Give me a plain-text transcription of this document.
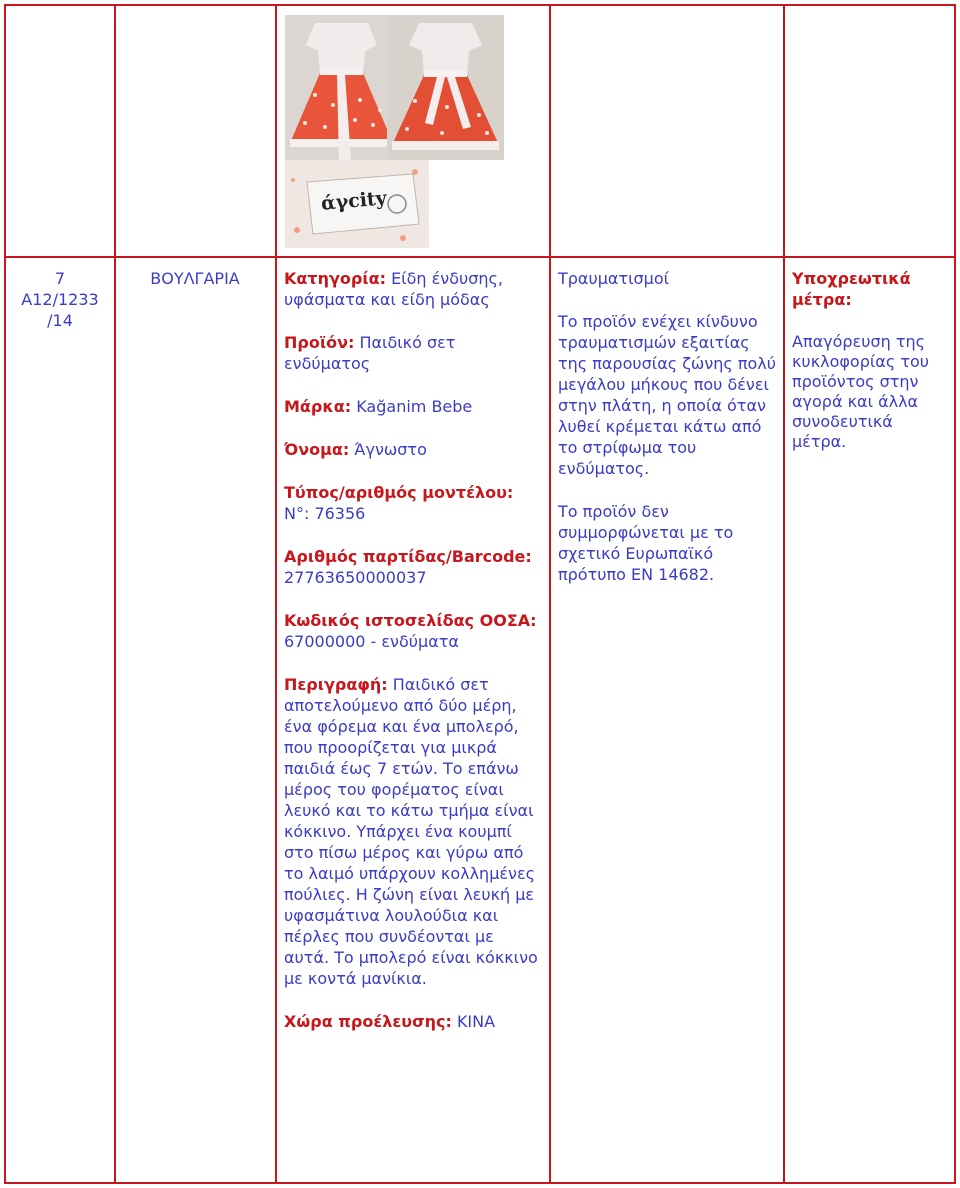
άγcity
7
A12/1233
/14
ΒΟΥΛΓΑΡΙΑ	Κατηγορία: Είδη ένδυσης, υφάσματα και είδη μόδας
Προϊόν: Παιδικό σετ ενδύματος
Μάρκα: Kağanim Bebe
Όνομα: Άγνωστο
Τύπος/αριθμός μοντέλου: N°: 76356
Αριθμός παρτίδας/Barcode: 27763650000037
Κωδικός ιστοσελίδας ΟΟΣΑ: 67000000 - ενδύματα
Περιγραφή: Παιδικό σετ αποτελούμενο από δύο μέρη, ένα φόρεμα και ένα μπολερό, που προορίζεται για μικρά παιδιά έως 7 ετών. Το επάνω μέρος του φορέματος είναι λευκό και το κάτω τμήμα είναι κόκκινο. Υπάρχει ένα κουμπί στο πίσω μέρος και γύρω από το λαιμό υπάρχουν κολλημένες πούλιες. Η ζώνη είναι λευκή με υφασμάτινα λουλούδια και πέρλες που συνδέονται με αυτά. Το μπολερό είναι κόκκινο με κοντά μανίκια.
Χώρα προέλευσης: ΚΙΝΑ
Τραυματισμοί
Το προϊόν ενέχει κίνδυνο τραυματισμών εξαιτίας της παρουσίας ζώνης πολύ μεγάλου μήκους που δένει στην πλάτη, η οποία όταν λυθεί κρέμεται κάτω από το στρίφωμα του ενδύματος.
Το προϊόν δεν συμμορφώνεται με το σχετικό Ευρωπαϊκό πρότυπο EN 14682.
Υποχρεωτικά μέτρα:
Απαγόρευση της κυκλοφορίας του προϊόντος στην αγορά και άλλα συνοδευτικά μέτρα.
